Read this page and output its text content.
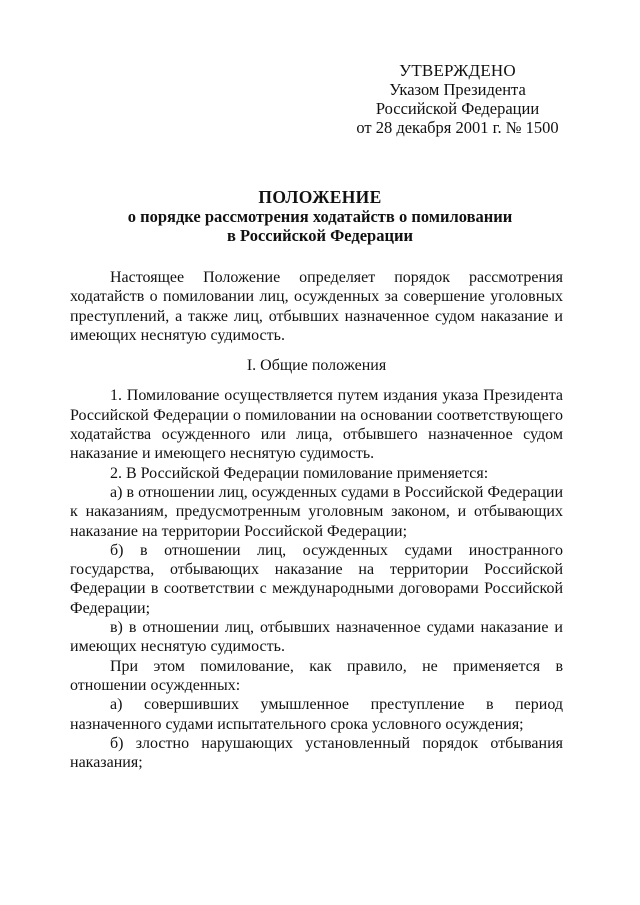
УТВЕРЖДЕНО
Указом Президента
Российской Федерации
от 28 декабря 2001 г. № 1500
ПОЛОЖЕНИЕ
о порядке рассмотрения ходатайств о помиловании
в Российской Федерации

Настоящее Положение определяет порядок рассмотрения ходатайств о помиловании лиц, осужденных за совершение уголовных преступлений, а также лиц, отбывших назначенное судом наказание и имеющих неснятую судимость.

I. Общие положения

1. Помилование осуществляется путем издания указа Президента Российской Федерации о помиловании на основании соответствующего ходатайства осужденного или лица, отбывшего назначенное судом наказание и имеющего неснятую судимость.

2. В Российской Федерации помилование применяется:

а) в отношении лиц, осужденных судами в Российской Федерации к наказаниям, предусмотренным уголовным законом, и отбывающих наказание на территории Российской Федерации;

б) в отношении лиц, осужденных судами иностранного государства, отбывающих наказание на территории Российской Федерации в соответствии с международными договорами Российской Федерации;

в) в отношении лиц, отбывших назначенное судами наказание и имеющих неснятую судимость.

При этом помилование, как правило, не применяется в отношении осужденных:

а) совершивших умышленное преступление в период назначенного судами испытательного срока условного осуждения;

б) злостно нарушающих установленный порядок отбывания наказания;
